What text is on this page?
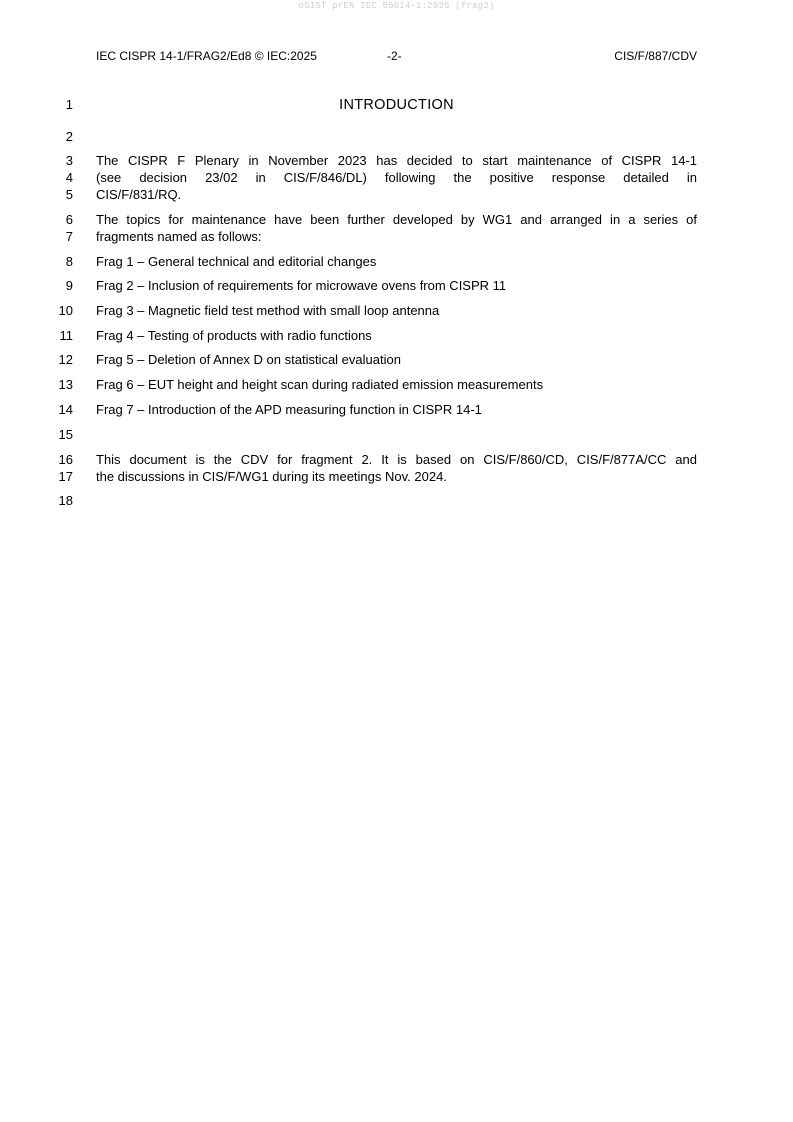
oSIST prEN IEC 55014-1:2025 (frag2)
IEC CISPR 14-1/FRAG2/Ed8 © IEC:2025	-2-	CIS/F/887/CDV
1
2
3
4
5
6
7
8
9
10
11
12
13
14
15
16
17
18
INTRODUCTION
The CISPR F Plenary in November 2023 has decided to start maintenance of CISPR 14-1
(see decision 23/02 in CIS/F/846/DL) following the positive response detailed in
CIS/F/831/RQ.
The topics for maintenance have been further developed by WG1 and arranged in a series of
fragments named as follows:
Frag 1 – General technical and editorial changes
Frag 2 – Inclusion of requirements for microwave ovens from CISPR 11
Frag 3 – Magnetic field test method with small loop antenna
Frag 4 – Testing of products with radio functions
Frag 5 – Deletion of Annex D on statistical evaluation
Frag 6 – EUT height and height scan during radiated emission measurements
Frag 7 – Introduction of the APD measuring function in CISPR 14-1
This document is the CDV for fragment 2. It is based on CIS/F/860/CD, CIS/F/877A/CC and
the discussions in CIS/F/WG1 during its meetings Nov. 2024.
